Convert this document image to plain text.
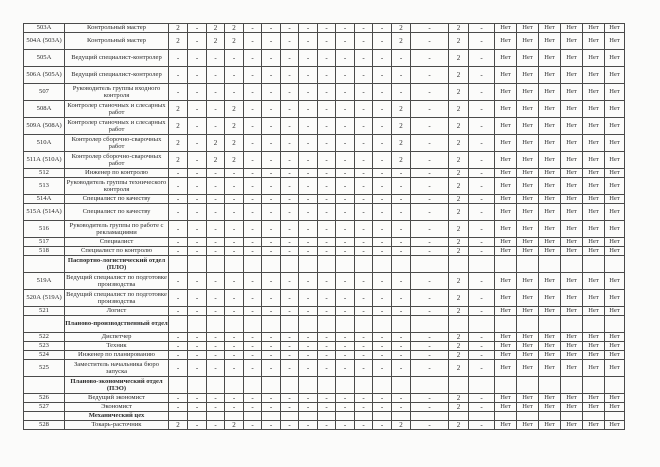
503А	Контрольный мастер	2	-	2	2	-	-	-	-	-	-	-	-	2	-	2	-	Нет	Нет	Нет	Нет	Нет	Нет
504А (503А)	Контрольный мастер	2	-	2	2	-	-	-	-	-	-	-	-	2	-	2	-	Нет	Нет	Нет	Нет	Нет	Нет
505А	Ведущий специалист-контролер	-	-	-	-	-	-	-	-	-	-	-	-	-	-	2	-	Нет	Нет	Нет	Нет	Нет	Нет
506А (505А)	Ведущий специалист-контролер	-	-	-	-	-	-	-	-	-	-	-	-	-	-	2	-	Нет	Нет	Нет	Нет	Нет	Нет
507	Руководитель группы входного контроля	-	-	-	-	-	-	-	-	-	-	-	-	-	-	2	-	Нет	Нет	Нет	Нет	Нет	Нет
508А	Контролер станочных и слесарных работ	2	-	-	2	-	-	-	-	-	-	-	-	2	-	2	-	Нет	Нет	Нет	Нет	Нет	Нет
509А (508А)	Контролер станочных и слесарных работ	2	-	-	2	-	-	-	-	-	-	-	-	2	-	2	-	Нет	Нет	Нет	Нет	Нет	Нет
510А	Контролер сборочно-сварочных работ	2	-	2	2	-	-	-	-	-	-	-	-	2	-	2	-	Нет	Нет	Нет	Нет	Нет	Нет
511А (510А)	Контролер сборочно-сварочных работ	2	-	2	2	-	-	-	-	-	-	-	-	2	-	2	-	Нет	Нет	Нет	Нет	Нет	Нет
512	Инженер по контролю	-	-	-	-	-	-	-	-	-	-	-	-	-	-	2	-	Нет	Нет	Нет	Нет	Нет	Нет
513	Руководитель группы технического контроля	-	-	-	-	-	-	-	-	-	-	-	-	-	-	2	-	Нет	Нет	Нет	Нет	Нет	Нет
514А	Специалист по качеству	-	-	-	-	-	-	-	-	-	-	-	-	-	-	2	-	Нет	Нет	Нет	Нет	Нет	Нет
515А (514А)	Специалист по качеству	-	-	-	-	-	-	-	-	-	-	-	-	-	-	2	-	Нет	Нет	Нет	Нет	Нет	Нет
516	Руководитель группы по работе с рекламациями	-	-	-	-	-	-	-	-	-	-	-	-	-	-	2	-	Нет	Нет	Нет	Нет	Нет	Нет
517	Специалист	-	-	-	-	-	-	-	-	-	-	-	-	-	-	2	-	Нет	Нет	Нет	Нет	Нет	Нет
518	Специалист по контролю	-	-	-	-	-	-	-	-	-	-	-	-	-	-	2	-	Нет	Нет	Нет	Нет	Нет	Нет
	Паспортно-логистический отдел (ПЛО)																						
519А	Ведущий специалист по подготовке производства	-	-	-	-	-	-	-	-	-	-	-	-	-	-	2	-	Нет	Нет	Нет	Нет	Нет	Нет
520А (519А)	Ведущий специалист по подготовке производства	-	-	-	-	-	-	-	-	-	-	-	-	-	-	2	-	Нет	Нет	Нет	Нет	Нет	Нет
521	Логист	-	-	-	-	-	-	-	-	-	-	-	-	-	-	2	-	Нет	Нет	Нет	Нет	Нет	Нет
	Планово-производственный отдел																						
522	Диспетчер	-	-	-	-	-	-	-	-	-	-	-	-	-	-	2	-	Нет	Нет	Нет	Нет	Нет	Нет
523	Техник	-	-	-	-	-	-	-	-	-	-	-	-	-	-	2	-	Нет	Нет	Нет	Нет	Нет	Нет
524	Инженер по планированию	-	-	-	-	-	-	-	-	-	-	-	-	-	-	2	-	Нет	Нет	Нет	Нет	Нет	Нет
525	Заместитель начальника бюро запуска	-	-	-	-	-	-	-	-	-	-	-	-	-	-	2	-	Нет	Нет	Нет	Нет	Нет	Нет
	Планово-экономический отдел (ПЭО)																						
526	Ведущий экономист	-	-	-	-	-	-	-	-	-	-	-	-	-	-	2	-	Нет	Нет	Нет	Нет	Нет	Нет
527	Экономист	-	-	-	-	-	-	-	-	-	-	-	-	-	-	2	-	Нет	Нет	Нет	Нет	Нет	Нет
	Механический цех																						
528	Токарь-расточник	2	-	-	2	-	-	-	-	-	-	-	-	2	-	2	-	Нет	Нет	Нет	Нет	Нет	Нет
